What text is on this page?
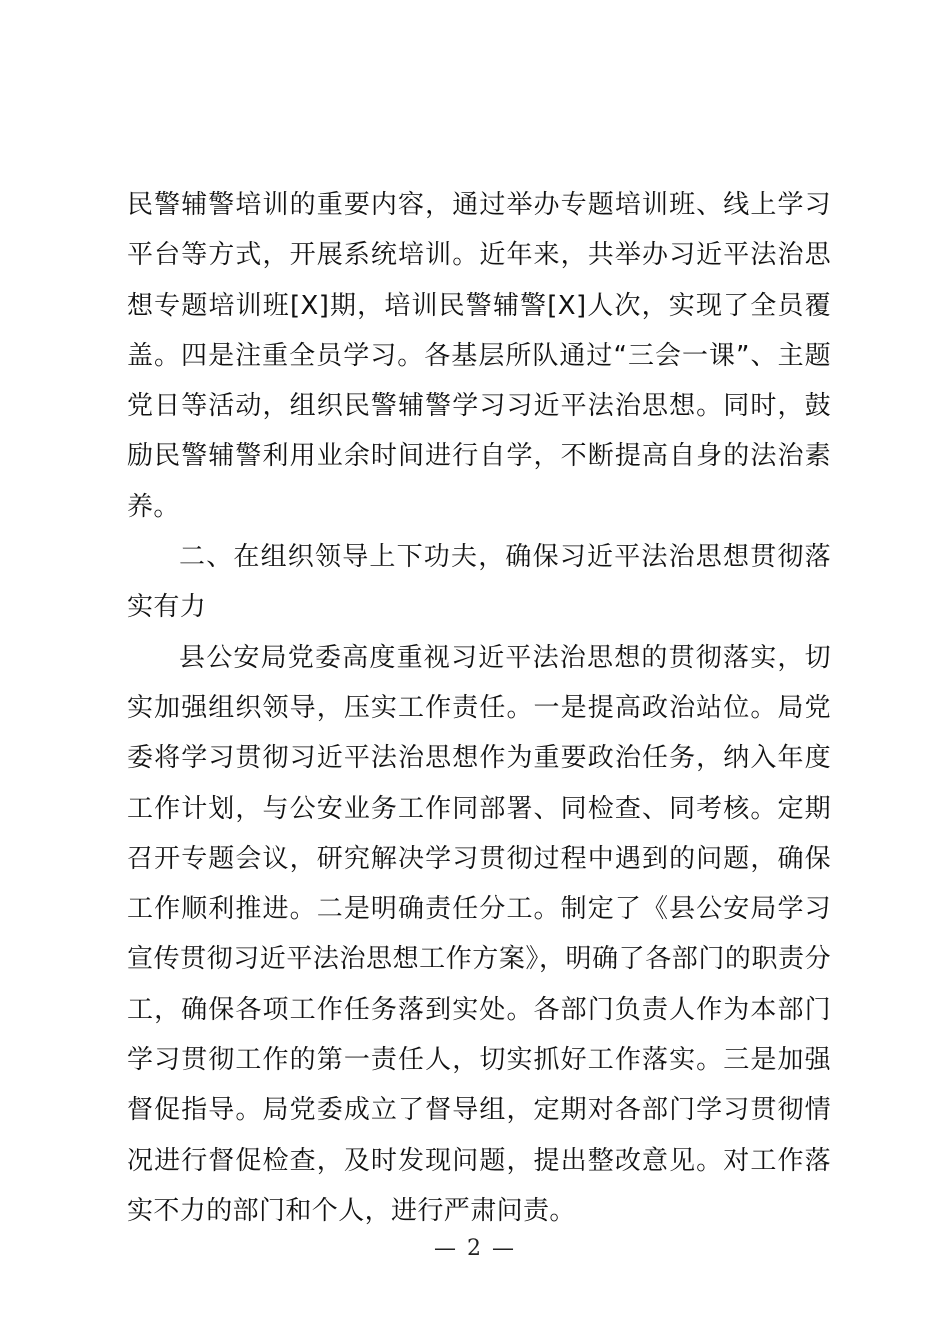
民警辅警培训的重要内容，通过举办专题培训班、线上学习平台等方式，开展系统培训。近年来，共举办习近平法治思想专题培训班[X]期，培训民警辅警[X]人次，实现了全员覆盖。四是注重全员学习。各基层所队通过“三会一课”、主题党日等活动，组织民警辅警学习习近平法治思想。同时，鼓励民警辅警利用业余时间进行自学，不断提高自身的法治素养。

二、在组织领导上下功夫，确保习近平法治思想贯彻落实有力

县公安局党委高度重视习近平法治思想的贯彻落实，切实加强组织领导，压实工作责任。一是提高政治站位。局党委将学习贯彻习近平法治思想作为重要政治任务，纳入年度工作计划，与公安业务工作同部署、同检查、同考核。定期召开专题会议，研究解决学习贯彻过程中遇到的问题，确保工作顺利推进。二是明确责任分工。制定了《县公安局学习宣传贯彻习近平法治思想工作方案》，明确了各部门的职责分工，确保各项工作任务落到实处。各部门负责人作为本部门学习贯彻工作的第一责任人，切实抓好工作落实。三是加强督促指导。局党委成立了督导组，定期对各部门学习贯彻情况进行督促检查，及时发现问题，提出整改意见。对工作落实不力的部门和个人，进行严肃问责。

— 2 —
